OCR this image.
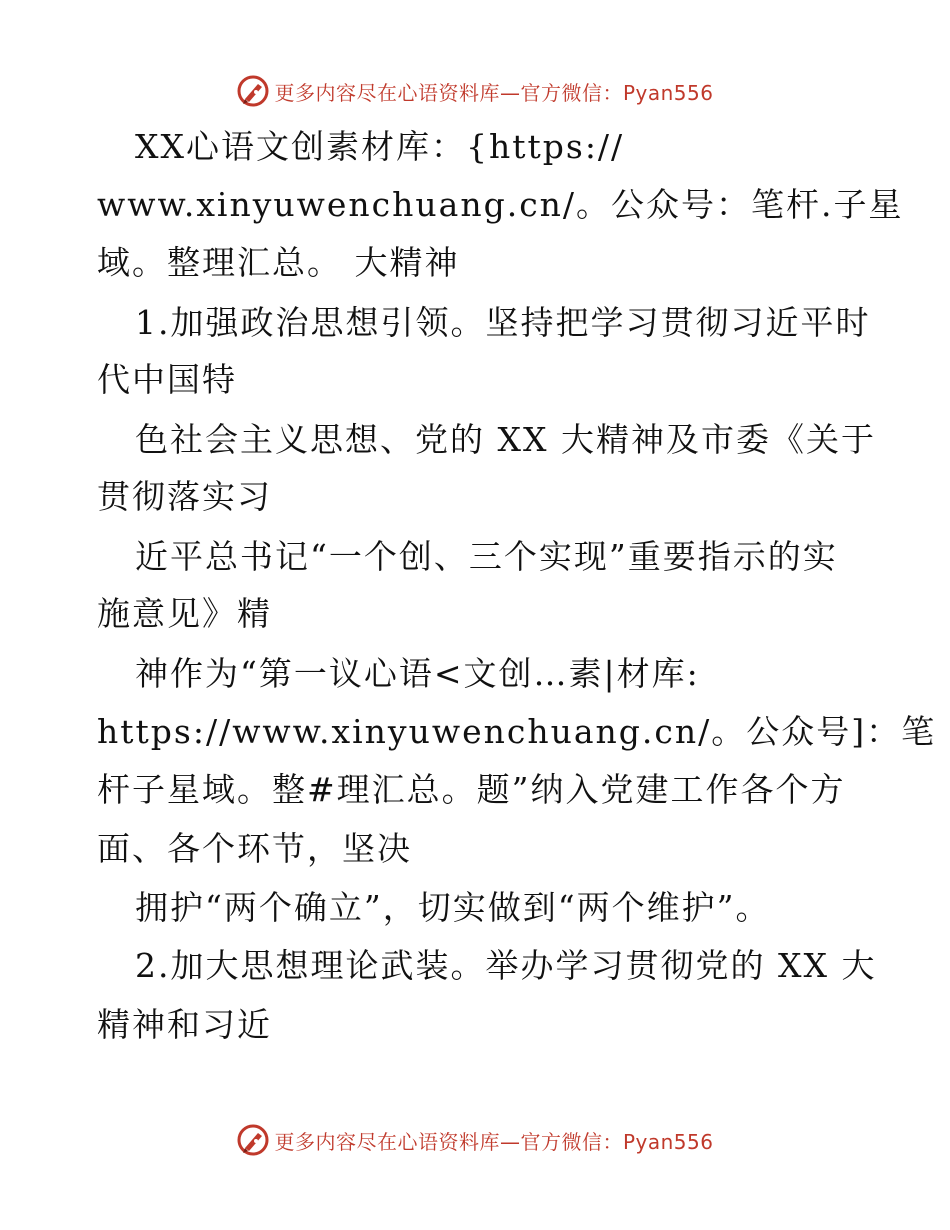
更多内容尽在心语资料库—官方微信：Pyan556
XX心语文创素材库：{https://
www.xinyuwenchuang.cn/。公众号：笔杆.子星
域。整理汇总。 大精神
1.加强政治思想引领。坚持把学习贯彻习近平时
代中国特
色社会主义思想、党的 XX 大精神及市委《关于
贯彻落实习
近平总书记“一个创、三个实现”重要指示的实
施意见》精
神作为“第一议心语<文创…素|材库:
https://www.xinyuwenchuang.cn/。公众号]：笔
杆子星域。整#理汇总。题”纳入党建工作各个方
面、各个环节，坚决
拥护“两个确立”，切实做到“两个维护”。
2.加大思想理论武装。举办学习贯彻党的 XX 大
精神和习近
更多内容尽在心语资料库—官方微信：Pyan556
